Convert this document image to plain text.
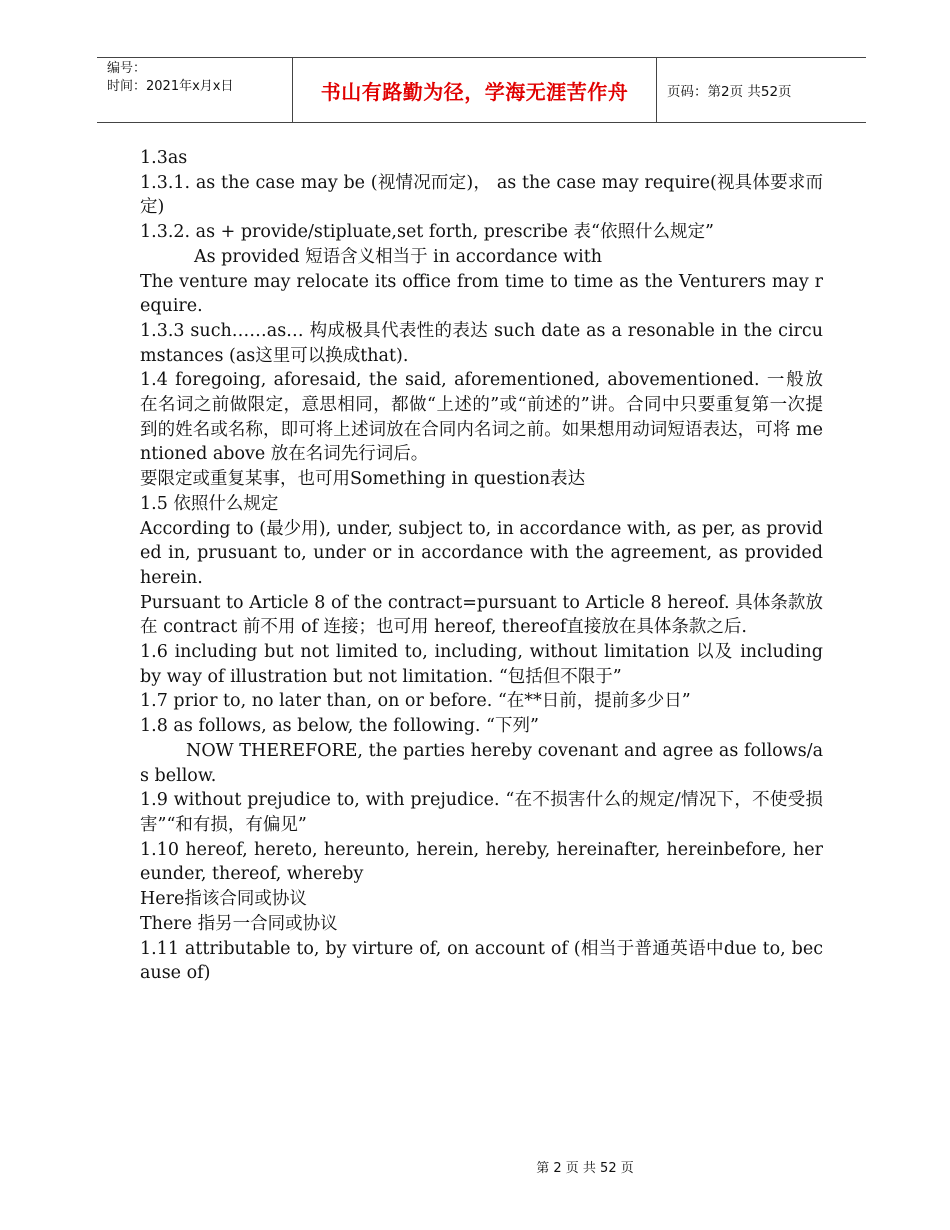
编号：
时间：2021年x月x日	书山有路勤为径，学海无涯苦作舟	页码：第2页 共52页

1.3as

1.3.1. as the case may be (视情况而定)， as the case may require(视具体要求而定)

1.3.2. as + provide/stipluate,set forth, prescribe 表“依照什么规定”

As provided 短语含义相当于 in accordance with

The venture may relocate its office from time to time as the Venturers may require.

1.3.3 such……as… 构成极具代表性的表达 such date as a resonable in the circumstances (as这里可以换成that).

1.4 foregoing, aforesaid, the said, aforementioned, abovementioned. 一般放在名词之前做限定，意思相同，都做“上述的”或“前述的”讲。合同中只要重复第一次提到的姓名或名称，即可将上述词放在合同内名词之前。如果想用动词短语表达，可将 mentioned above 放在名词先行词后。

要限定或重复某事，也可用Something in question表达

1.5 依照什么规定

According to (最少用), under, subject to, in accordance with, as per, as provided in, prusuant to, under or in accordance with the agreement, as provided herein.

Pursuant to Article 8 of the contract=pursuant to Article 8 hereof. 具体条款放在 contract 前不用 of 连接；也可用 hereof, thereof直接放在具体条款之后.

1.6 including but not limited to, including, without limitation 以及 including by way of illustration but not limitation. “包括但不限于”

1.7 prior to, no later than, on or before. “在**日前，提前多少日”

1.8 as follows, as below, the following. “下列”

NOW THEREFORE, the parties hereby covenant and agree as follows/as bellow.

1.9 without prejudice to, with prejudice. “在不损害什么的规定/情况下，不使受损害”“和有损，有偏见”

1.10 hereof, hereto, hereunto, herein, hereby, hereinafter, hereinbefore, hereunder, thereof, whereby

Here指该合同或协议

There 指另一合同或协议

1.11 attributable to, by virture of, on account of (相当于普通英语中due to, because of)

第 2 页 共 52 页
